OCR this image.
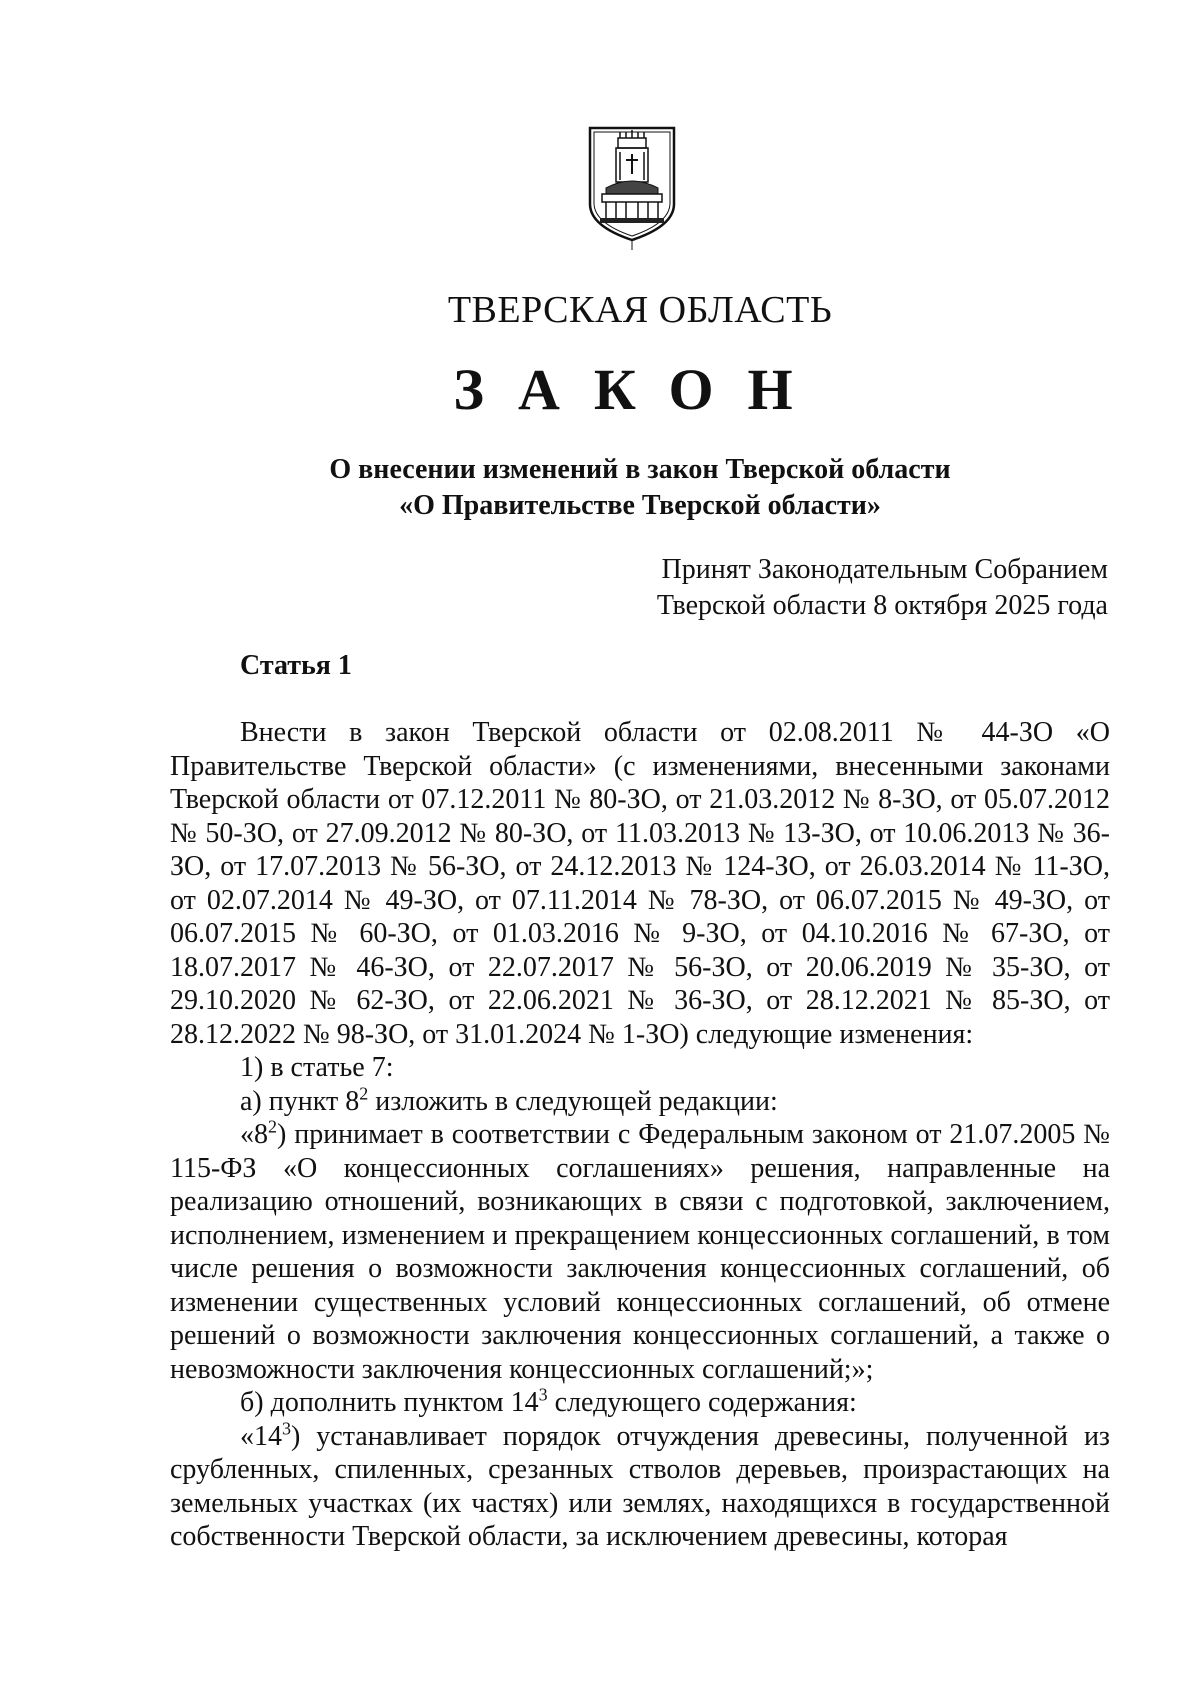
ТВЕРСКАЯ ОБЛАСТЬ
ЗАКОН
О внесении изменений в закон Тверской области
«О Правительстве Тверской области»
Принят Законодательным Собранием
Тверской области 8 октября 2025 года
Статья 1

Внести в закон Тверской области от 02.08.2011 № 44-ЗО «О Правительстве Тверской области» (с изменениями, внесенными законами Тверской области от 07.12.2011 № 80-ЗО, от 21.03.2012 № 8-ЗО, от 05.07.2012 № 50-ЗО, от 27.09.2012 № 80-ЗО, от 11.03.2013 № 13-ЗО, от 10.06.2013 № 36-ЗО, от 17.07.2013 № 56-ЗО, от 24.12.2013 № 124-ЗО, от 26.03.2014 № 11-ЗО, от 02.07.2014 № 49-ЗО, от 07.11.2014 № 78-ЗО, от 06.07.2015 № 49-ЗО, от 06.07.2015 № 60-ЗО, от 01.03.2016 № 9-ЗО, от 04.10.2016 № 67-ЗО, от 18.07.2017 № 46-ЗО, от 22.07.2017 № 56-ЗО, от 20.06.2019 № 35-ЗО, от 29.10.2020 № 62-ЗО, от 22.06.2021 № 36-ЗО, от 28.12.2021 № 85-ЗО, от 28.12.2022 № 98-ЗО, от 31.01.2024 № 1-ЗО) следующие изменения:

1) в статье 7:

а) пункт $8^2$ изложить в следующей редакции:

«$8^2$) принимает в соответствии с Федеральным законом от 21.07.2005 № 115-ФЗ «О концессионных соглашениях» решения, направленные на реализацию отношений, возникающих в связи с подготовкой, заключением, исполнением, изменением и прекращением концессионных соглашений, в том числе решения о возможности заключения концессионных соглашений, об изменении существенных условий концессионных соглашений, об отмене решений о возможности заключения концессионных соглашений, а также о невозможности заключения концессионных соглашений;»;

б) дополнить пунктом $14^3$ следующего содержания:

«$14^3$) устанавливает порядок отчуждения древесины, полученной из срубленных, спиленных, срезанных стволов деревьев, произрастающих на земельных участках (их частях) или землях, находящихся в государственной собственности Тверской области, за исключением древесины, которая
